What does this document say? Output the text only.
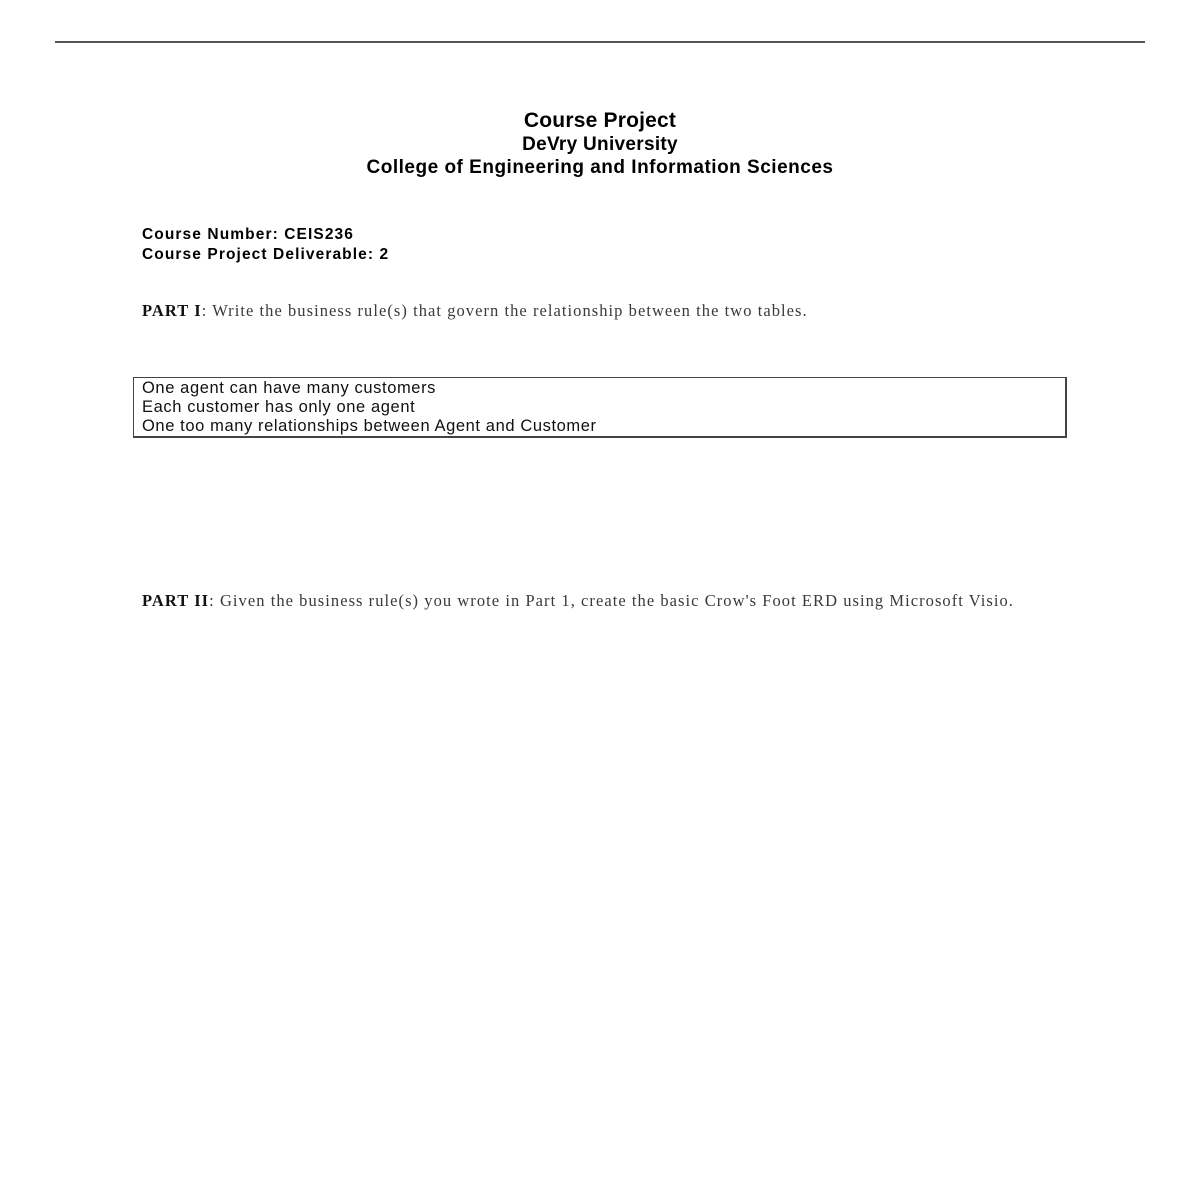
Course Project
DeVry University
College of Engineering and Information Sciences
Course Number: CEIS236
Course Project Deliverable: 2
PART I: Write the business rule(s) that govern the relationship between the two tables.
One agent can have many customers
Each customer has only one agent
One too many relationships between Agent and Customer
PART II: Given the business rule(s) you wrote in Part 1, create the basic Crow's Foot ERD using Microsoft Visio.
